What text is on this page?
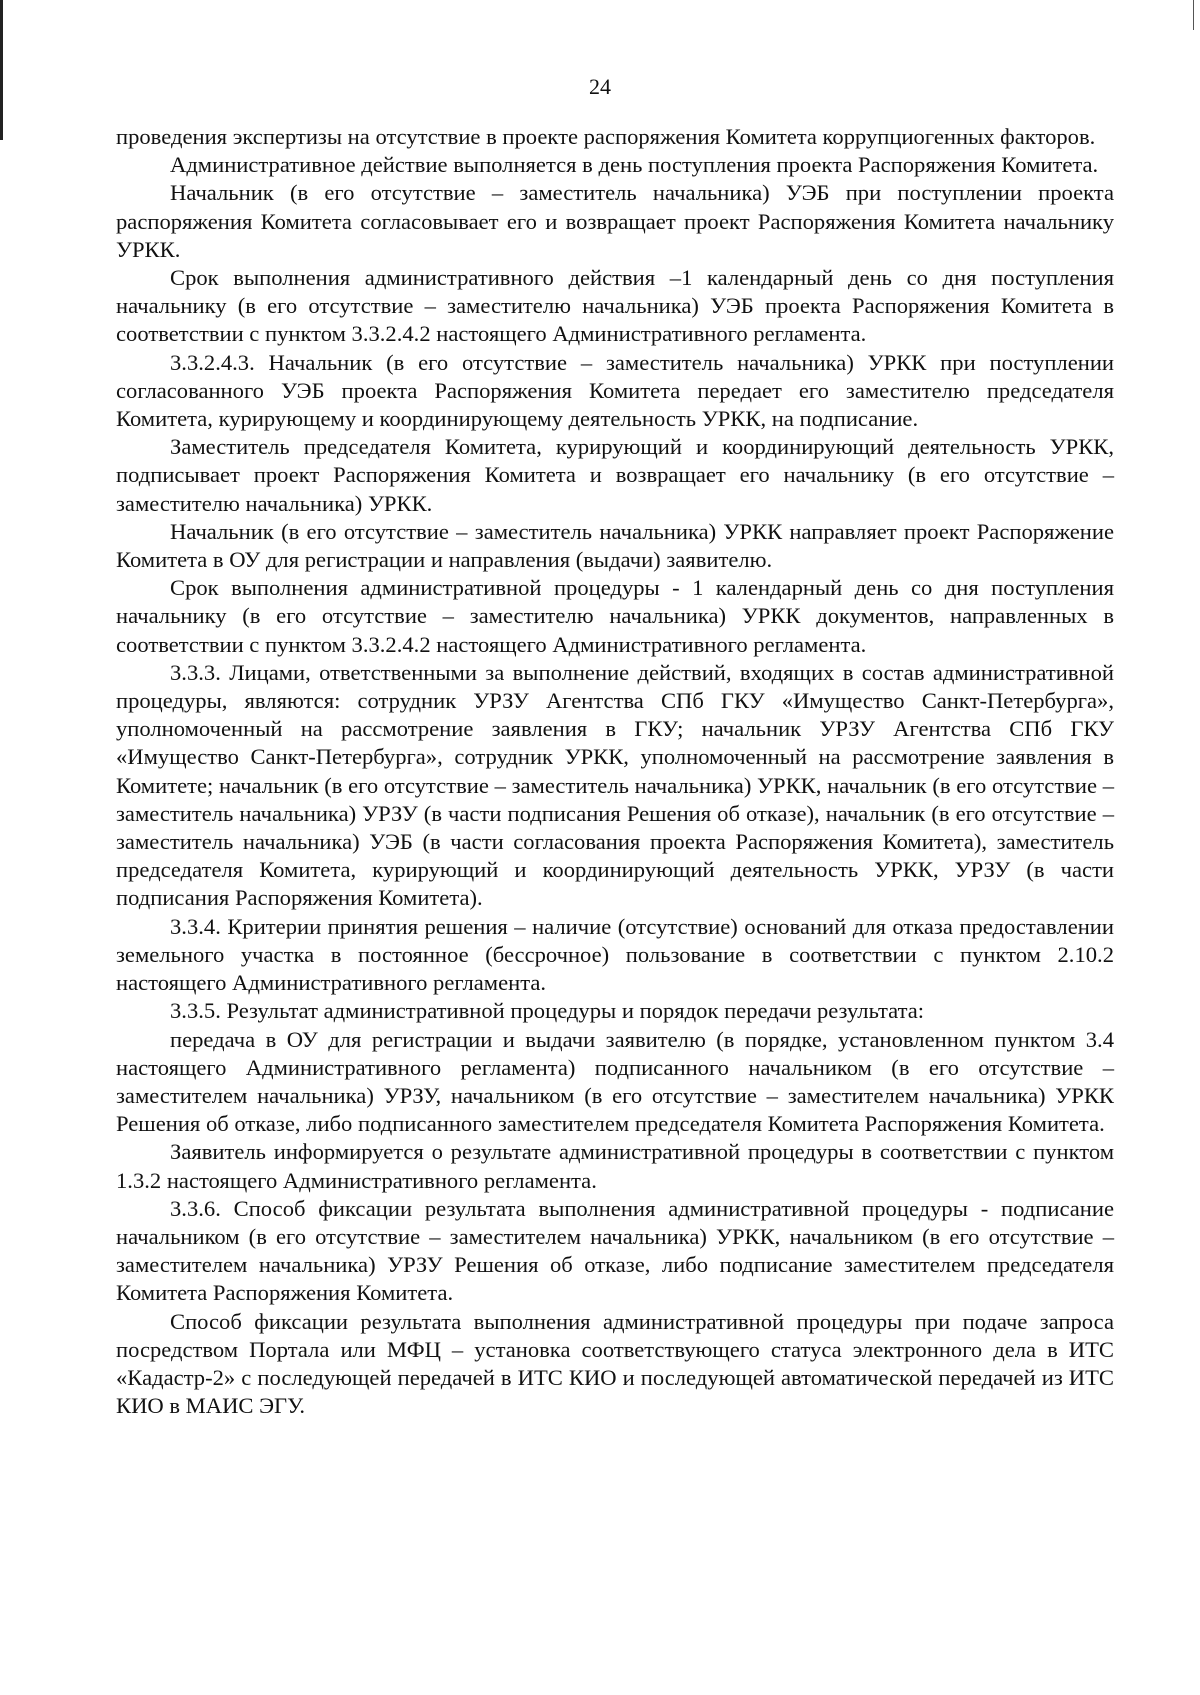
24

проведения экспертизы на отсутствие в проекте распоряжения Комитета коррупциогенных факторов.

Административное действие выполняется в день поступления проекта Распоряжения Комитета.

Начальник (в его отсутствие – заместитель начальника) УЭБ при поступлении проекта распоряжения Комитета согласовывает его и возвращает проект Распоряжения Комитета начальнику УРКК.

Срок выполнения административного действия –1 календарный день со дня поступления начальнику (в его отсутствие – заместителю начальника) УЭБ проекта Распоряжения Комитета в соответствии с пунктом 3.3.2.4.2 настоящего Административного регламента.

3.3.2.4.3. Начальник (в его отсутствие – заместитель начальника) УРКК при поступлении согласованного УЭБ проекта Распоряжения Комитета передает его заместителю председателя Комитета, курирующему и координирующему деятельность УРКК, на подписание.

Заместитель председателя Комитета, курирующий и координирующий деятельность УРКК, подписывает проект Распоряжения Комитета и возвращает его начальнику (в его отсутствие – заместителю начальника) УРКК.

Начальник (в его отсутствие – заместитель начальника) УРКК направляет проект Распоряжение Комитета в ОУ для регистрации и направления (выдачи) заявителю.

Срок выполнения административной процедуры - 1 календарный день со дня поступления начальнику (в его отсутствие – заместителю начальника) УРКК документов, направленных в соответствии с пунктом 3.3.2.4.2 настоящего Административного регламента.

3.3.3. Лицами, ответственными за выполнение действий, входящих в состав административной процедуры, являются: сотрудник УРЗУ Агентства СПб ГКУ «Имущество Санкт-Петербурга», уполномоченный на рассмотрение заявления в ГКУ; начальник УРЗУ Агентства СПб ГКУ «Имущество Санкт-Петербурга», сотрудник УРКК, уполномоченный на рассмотрение заявления в Комитете; начальник (в его отсутствие – заместитель начальника) УРКК, начальник (в его отсутствие – заместитель начальника) УРЗУ (в части подписания Решения об отказе), начальник (в его отсутствие – заместитель начальника) УЭБ (в части согласования проекта Распоряжения Комитета), заместитель председателя Комитета, курирующий и координирующий деятельность УРКК, УРЗУ (в части подписания Распоряжения Комитета).

3.3.4. Критерии принятия решения – наличие (отсутствие) оснований для отказа предоставлении земельного участка в постоянное (бессрочное) пользование в соответствии с пунктом 2.10.2 настоящего Административного регламента.

3.3.5. Результат административной процедуры и порядок передачи результата:

передача в ОУ для регистрации и выдачи заявителю (в порядке, установленном пунктом 3.4 настоящего Административного регламента) подписанного начальником (в его отсутствие – заместителем начальника) УРЗУ, начальником (в его отсутствие – заместителем начальника) УРКК Решения об отказе, либо подписанного заместителем председателя Комитета Распоряжения Комитета.

Заявитель информируется о результате административной процедуры в соответствии с пунктом 1.3.2 настоящего Административного регламента.

3.3.6. Способ фиксации результата выполнения административной процедуры - подписание начальником (в его отсутствие – заместителем начальника) УРКК, начальником (в его отсутствие – заместителем начальника) УРЗУ Решения об отказе, либо подписание заместителем председателя Комитета Распоряжения Комитета.

Способ фиксации результата выполнения административной процедуры при подаче запроса посредством Портала или МФЦ – установка соответствующего статуса электронного дела в ИТС «Кадастр-2» с последующей передачей в ИТС КИО и последующей автоматической передачей из ИТС КИО в МАИС ЭГУ.
